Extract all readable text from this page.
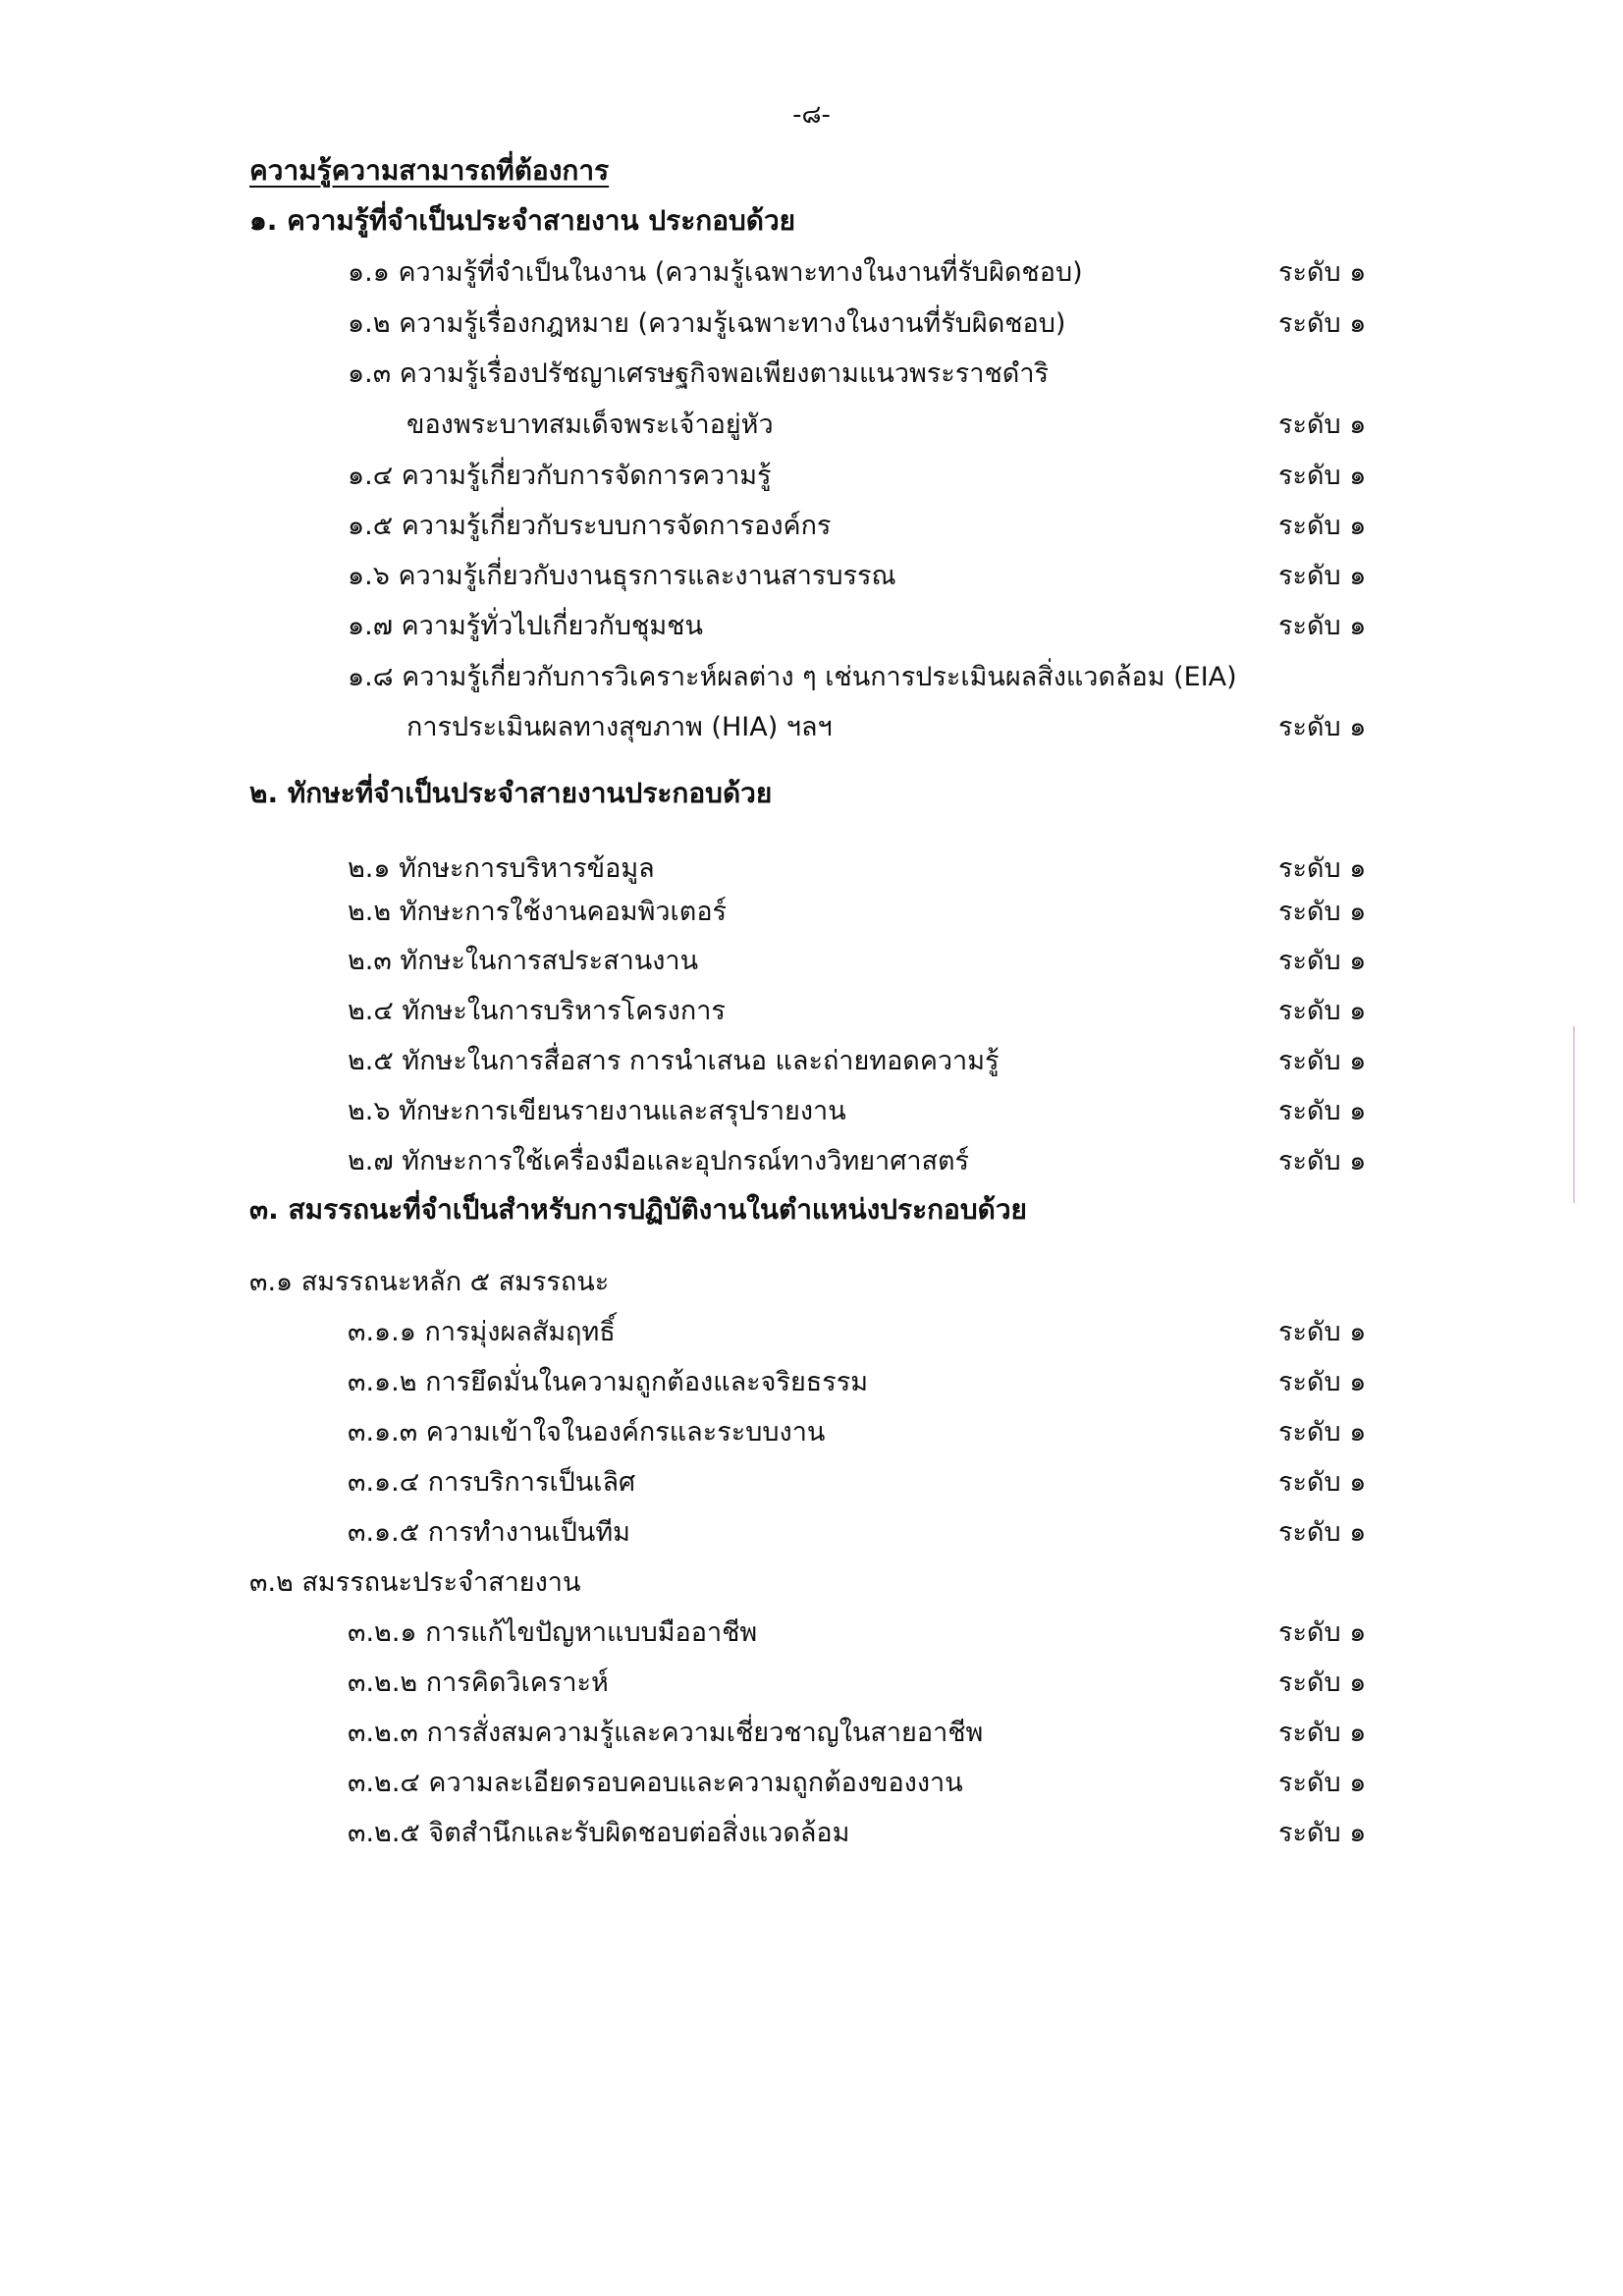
-๘-
ความรู้ความสามารถที่ต้องการ
๑. ความรู้ที่จำเป็นประจำสายงาน ประกอบด้วย
๑.๑ ความรู้ที่จำเป็นในงาน (ความรู้เฉพาะทางในงานที่รับผิดชอบ)	ระดับ ๑
๑.๒ ความรู้เรื่องกฎหมาย (ความรู้เฉพาะทางในงานที่รับผิดชอบ)	ระดับ ๑
๑.๓ ความรู้เรื่องปรัชญาเศรษฐกิจพอเพียงตามแนวพระราชดำริ
ของพระบาทสมเด็จพระเจ้าอยู่หัว	ระดับ ๑
๑.๔ ความรู้เกี่ยวกับการจัดการความรู้	ระดับ ๑
๑.๕ ความรู้เกี่ยวกับระบบการจัดการองค์กร	ระดับ ๑
๑.๖ ความรู้เกี่ยวกับงานธุรการและงานสารบรรณ	ระดับ ๑
๑.๗ ความรู้ทั่วไปเกี่ยวกับชุมชน	ระดับ ๑
๑.๘ ความรู้เกี่ยวกับการวิเคราะห์ผลต่าง ๆ เช่นการประเมินผลสิ่งแวดล้อม (EIA)
การประเมินผลทางสุขภาพ (HIA) ฯลฯ	ระดับ ๑
๒. ทักษะที่จำเป็นประจำสายงานประกอบด้วย
๒.๑ ทักษะการบริหารข้อมูล	ระดับ ๑
๒.๒ ทักษะการใช้งานคอมพิวเตอร์	ระดับ ๑
๒.๓ ทักษะในการสประสานงาน	ระดับ ๑
๒.๔ ทักษะในการบริหารโครงการ	ระดับ ๑
๒.๕ ทักษะในการสื่อสาร การนำเสนอ และถ่ายทอดความรู้	ระดับ ๑
๒.๖ ทักษะการเขียนรายงานและสรุปรายงาน	ระดับ ๑
๒.๗ ทักษะการใช้เครื่องมือและอุปกรณ์ทางวิทยาศาสตร์	ระดับ ๑
๓. สมรรถนะที่จำเป็นสำหรับการปฏิบัติงานในตำแหน่งประกอบด้วย
๓.๑ สมรรถนะหลัก ๕ สมรรถนะ
๓.๑.๑ การมุ่งผลสัมฤทธิ์	ระดับ ๑
๓.๑.๒ การยึดมั่นในความถูกต้องและจริยธรรม	ระดับ ๑
๓.๑.๓ ความเข้าใจในองค์กรและระบบงาน	ระดับ ๑
๓.๑.๔ การบริการเป็นเลิศ	ระดับ ๑
๓.๑.๕ การทำงานเป็นทีม	ระดับ ๑
๓.๒ สมรรถนะประจำสายงาน
๓.๒.๑ การแก้ไขปัญหาแบบมืออาชีพ	ระดับ ๑
๓.๒.๒ การคิดวิเคราะห์	ระดับ ๑
๓.๒.๓ การสั่งสมความรู้และความเชี่ยวชาญในสายอาชีพ	ระดับ ๑
๓.๒.๔ ความละเอียดรอบคอบและความถูกต้องของงาน	ระดับ ๑
๓.๒.๕ จิตสำนึกและรับผิดชอบต่อสิ่งแวดล้อม	ระดับ ๑
